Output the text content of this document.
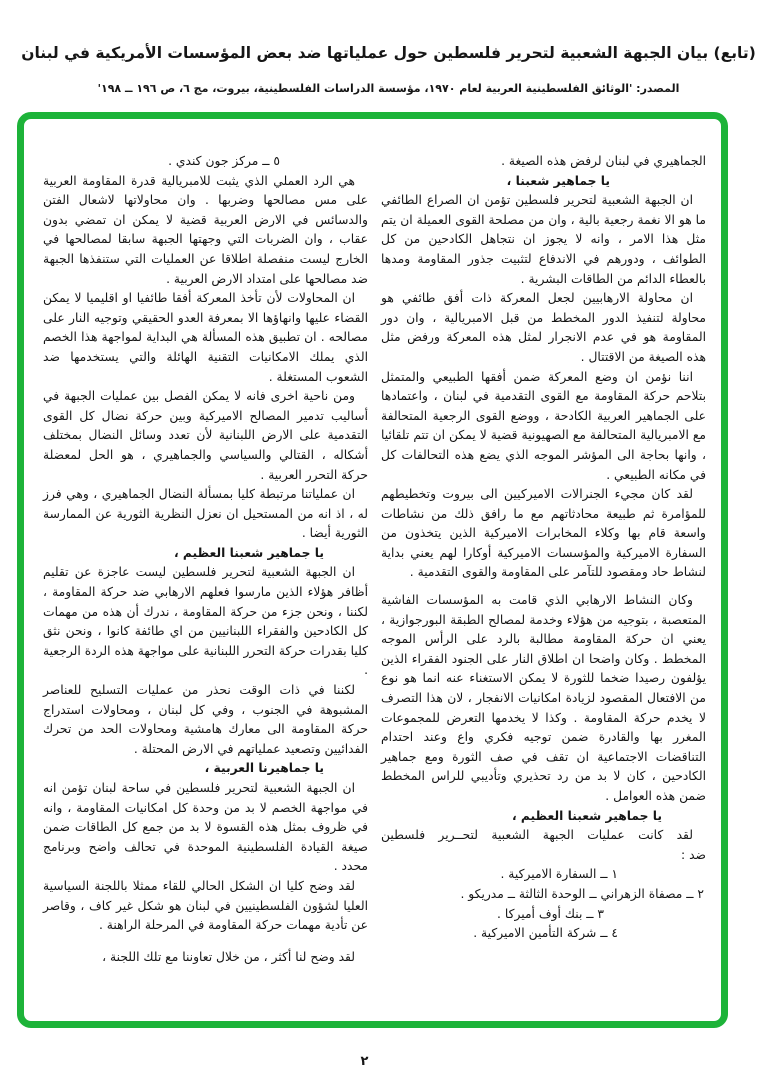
(تابع) بيان الجبهة الشعبية لتحرير فلسطين حول عملياتها ضد بعض المؤسسات الأمريكية في لبنان
المصدر: 'الوثائق الفلسطينية العربية لعام ١٩٧٠، مؤسسة الدراسات الفلسطينية، بيروت، مج ٦، ص ١٩٦ ــ ١٩٨'

الجماهيري في لبنان لرفض هذه الصيغة .

يا جماهير شعبنا ،

ان الجبهة الشعبية لتحرير فلسطين تؤمن ان الصراع الطائفي ما هو الا نغمة رجعية بالية ، وان من مصلحة القوى العميلة ان يتم مثل هذا الامر ، وانه لا يجوز ان نتجاهل الكادحين من كل الطوائف ، ودورهم في الاندفاع لتثبيت جذور المقاومة ومدها بالعطاء الدائم من الطاقات البشرية .

ان محاولة الارهابيين لجعل المعركة ذات أفق طائفي هو محاولة لتنفيذ الدور المخطط من قبل الامبريالية ، وان دور المقاومة هو في عدم الانجرار لمثل هذه المعركة ورفض مثل هذه الصيغة من الاقتتال .

اننا نؤمن ان وضع المعركة ضمن أفقها الطبيعي والمتمثل بتلاحم حركة المقاومة مع القوى التقدمية في لبنان ، واعتمادها على الجماهير العربية الكادحة ، ووضع القوى الرجعية المتحالفة مع الامبريالية المتحالفة مع الصهيونية قضية لا يمكن ان تتم تلقائيا ، وانها بحاجة الى المؤشر الموجه الذي يضع هذه التحالفات كل في مكانه الطبيعي .

لقد كان مجيء الجنرالات الاميركيين الى بيروت وتخطيطهم للمؤامرة ثم طبيعة محادثاتهم مع ما رافق ذلك من نشاطات واسعة قام بها وكلاء المخابرات الاميركية الذين يتخذون من السفارة الاميركية والمؤسسات الاميركية أوكارا لهم يعني بداية لنشاط حاد ومقصود للتآمر على المقاومة والقوى التقدمية .

وكان النشاط الارهابي الذي قامت به المؤسسات الفاشية المتعصبة ، بتوجيه من هؤلاء وخدمة لمصالح الطبقة البورجوازية ، يعني ان حركة المقاومة مطالبة بالرد على الرأس الموجه المخطط . وكان واضحا ان اطلاق النار على الجنود الفقراء الذين يؤلفون رصيدا ضخما للثورة لا يمكن الاستغناء عنه انما هو نوع من الافتعال المقصود لزيادة امكانيات الانفجار ، لان هذا التصرف لا يخدم حركة المقاومة . وكذا لا يخدمها التعرض للمجموعات المغرر بها والقادرة ضمن توجيه فكري واع وعند احتدام التناقضات الاجتماعية ان تقف في صف الثورة ومع جماهير الكادحين ، كان لا بد من رد تحذيري وتأديبي للراس المخطط ضمن هذه العوامل .

يا جماهير شعبنا العظيم ،

لقد كانت عمليات الجبهة الشعبية لتحــرير فلسطين

ضد :

١ ــ السفارة الاميركية .

٢ ــ مصفاة الزهراني ــ الوحدة الثالثة ــ مدريكو .

٣ ــ بنك أوف أميركا .

٤ ــ شركة التأمين الاميركية .

٥ ــ مركز جون كندي .

هي الرد العملي الذي يثبت للامبريالية قدرة المقاومة العربية على مس مصالحها وضربها . وان محاولاتها لاشعال الفتن والدسائس في الارض العربية قضية لا يمكن ان تمضي بدون عقاب ، وان الضربات التي وجهتها الجبهة سابقا لمصالحها في الخارج ليست منفصلة اطلاقا عن العمليات التي ستنفذها الجبهة ضد مصالحها على امتداد الارض العربية .

ان المحاولات لأن تأخذ المعركة أفقا طائفيا او اقليميا لا يمكن القضاء عليها وانهاؤها الا بمعرفة العدو الحقيقي وتوجيه النار على مصالحه . ان تطبيق هذه المسألة هي البداية لمواجهة هذا الخصم الذي يملك الامكانيات التقنية الهائلة والتي يستخدمها ضد الشعوب المستغلة .

ومن ناحية اخرى فانه لا يمكن الفصل بين عمليات الجبهة في أساليب تدمير المصالح الاميركية وبين حركة نضال كل القوى التقدمية على الارض اللبنانية لأن تعدد وسائل النضال بمختلف أشكاله ، القتالي والسياسي والجماهيري ، هو الحل لمعضلة حركة التحرر العربية .

ان عملياتنا مرتبطة كليا بمسألة النضال الجماهيري ، وهي فرز له ، اذ انه من المستحيل ان نعزل النظرية الثورية عن الممارسة الثورية أيضا .

يا جماهير شعبنا العظيم ،

ان الجبهة الشعبية لتحرير فلسطين ليست عاجزة عن تقليم أظافر هؤلاء الذين مارسوا فعلهم الارهابي ضد حركة المقاومة ، لكننا ، ونحن جزء من حركة المقاومة ، ندرك أن هذه من مهمات كل الكادحين والفقراء اللبنانيين من اي طائفة كانوا ، ونحن نثق كليا بقدرات حركة التحرر اللبنانية على مواجهة هذه الردة الرجعية .

لكننا في ذات الوقت نحذر من عمليات التسليح للعناصر المشبوهة في الجنوب ، وفي كل لبنان ، ومحاولات استدراج حركة المقاومة الى معارك هامشية ومحاولات الحد من تحرك الفدائيين وتصعيد عملياتهم في الارض المحتلة .

يا جماهيرنا العربية ،

ان الجبهة الشعبية لتحرير فلسطين في ساحة لبنان تؤمن انه في مواجهة الخصم لا بد من وحدة كل امكانيات المقاومة ، وانه في ظروف بمثل هذه القسوة لا بد من جمع كل الطاقات ضمن صيغة القيادة الفلسطينية الموحدة في تحالف واضح وبرنامج محدد .

لقد وضح كليا ان الشكل الحالي للقاء ممثلا باللجنة السياسية العليا لشؤون الفلسطينيين في لبنان هو شكل غير كاف ، وقاصر عن تأدية مهمات حركة المقاومة في المرحلة الراهنة .

لقد وضح لنا أكثر ، من خلال تعاوننا مع تلك اللجنة ،

٢
